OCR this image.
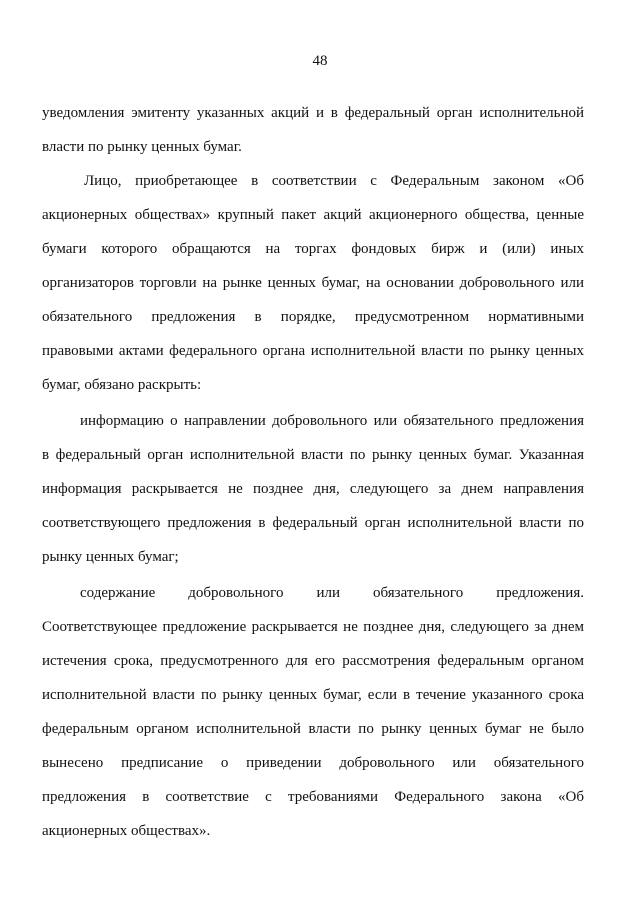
48
уведомления эмитенту указанных акций и в федеральный орган исполнительной
власти по рынку ценных бумаг.
Лицо, приобретающее в соответствии с Федеральным законом «Об
акционерных обществах» крупный пакет акций акционерного общества, ценные
бумаги которого обращаются на торгах фондовых бирж и (или) иных
организаторов торговли на рынке ценных бумаг, на основании добровольного или
обязательного предложения в порядке, предусмотренном нормативными
правовыми актами федерального органа исполнительной власти по рынку ценных
бумаг, обязано раскрыть:
информацию о направлении добровольного или обязательного предложения
в федеральный орган исполнительной власти по рынку ценных бумаг. Указанная
информация раскрывается не позднее дня, следующего за днем направления
соответствующего предложения в федеральный орган исполнительной власти по
рынку ценных бумаг;
содержание добровольного или обязательного предложения.
Соответствующее предложение раскрывается не позднее дня, следующего за днем
истечения срока, предусмотренного для его рассмотрения федеральным органом
исполнительной власти по рынку ценных бумаг, если в течение указанного срока
федеральным органом исполнительной власти по рынку ценных бумаг не было
вынесено предписание о приведении добровольного или обязательного
предложения в соответствие с требованиями Федерального закона «Об
акционерных обществах».
